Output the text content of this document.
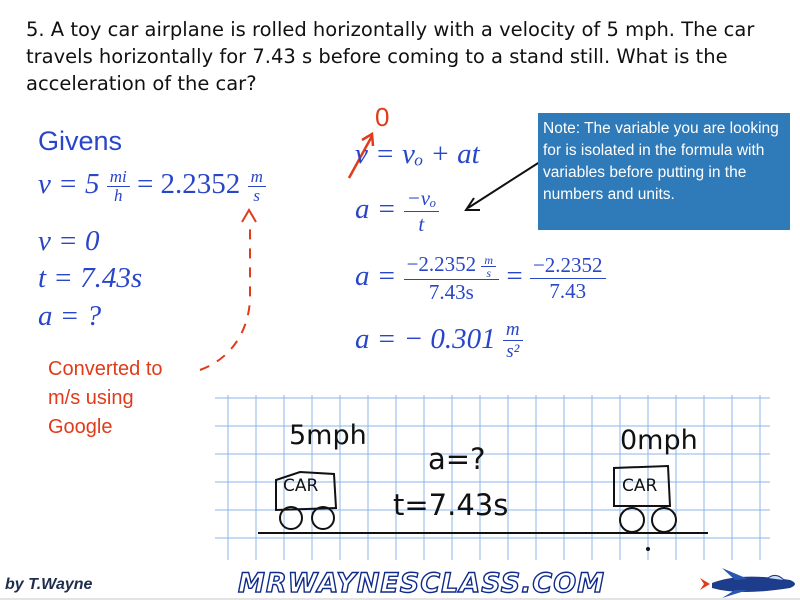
5. A toy car airplane is rolled horizontally with a velocity of 5 mph. The car travels horizontally for 7.43 s before coming to a stand still. What is the acceleration of the car?
Givens
$v = 5 \frac{mi}{h} = 2.2352 \frac{m}{s}$
v = 0
t = 7.43s
a = ?
Converted to m/s using Google
0
v = vₒ + at
$a = \frac{\text{−vₒ}}{t}$
$a = \frac{-2.2352 \frac{m}{s}}{7.43s} = \frac{-2.2352}{7.43}$
a = − $0.301 \frac{m}{\text{s²}}$
Note: The variable you are looking for is isolated in the formula with variables before putting in the numbers and units.
5mph	0mph
a=?
t=7.43s
CAR	CAR
by T.Wayne	MRWAYNESCLASS.COM
